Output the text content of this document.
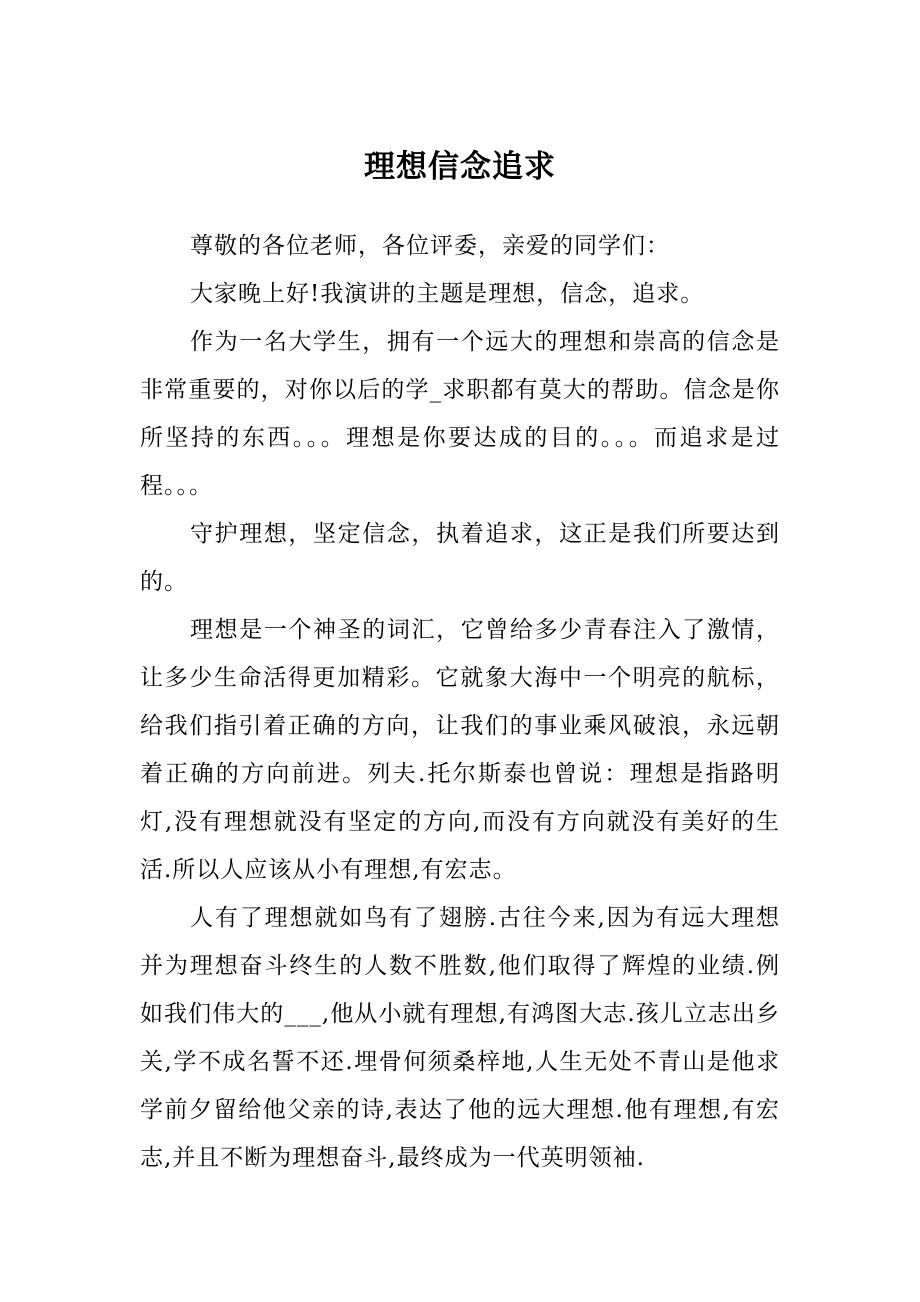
理想信念追求

尊敬的各位老师，各位评委，亲爱的同学们：

大家晚上好!我演讲的主题是理想，信念，追求。

作为一名大学生，拥有一个远大的理想和崇高的信念是非常重要的，对你以后的学_求职都有莫大的帮助。信念是你所坚持的东西。。。理想是你要达成的目的。。。而追求是过程。。。

守护理想，坚定信念，执着追求，这正是我们所要达到的。

理想是一个神圣的词汇，它曾给多少青春注入了激情，让多少生命活得更加精彩。它就象大海中一个明亮的航标，给我们指引着正确的方向，让我们的事业乘风破浪，永远朝着正确的方向前进。列夫.托尔斯泰也曾说：理想是指路明灯,没有理想就没有坚定的方向,而没有方向就没有美好的生活.所以人应该从小有理想,有宏志。

人有了理想就如鸟有了翅膀.古往今来,因为有远大理想并为理想奋斗终生的人数不胜数,他们取得了辉煌的业绩.例如我们伟大的___,他从小就有理想,有鸿图大志.孩儿立志出乡关,学不成名誓不还.埋骨何须桑梓地,人生无处不青山是他求学前夕留给他父亲的诗,表达了他的远大理想.他有理想,有宏志,并且不断为理想奋斗,最终成为一代英明领袖.
